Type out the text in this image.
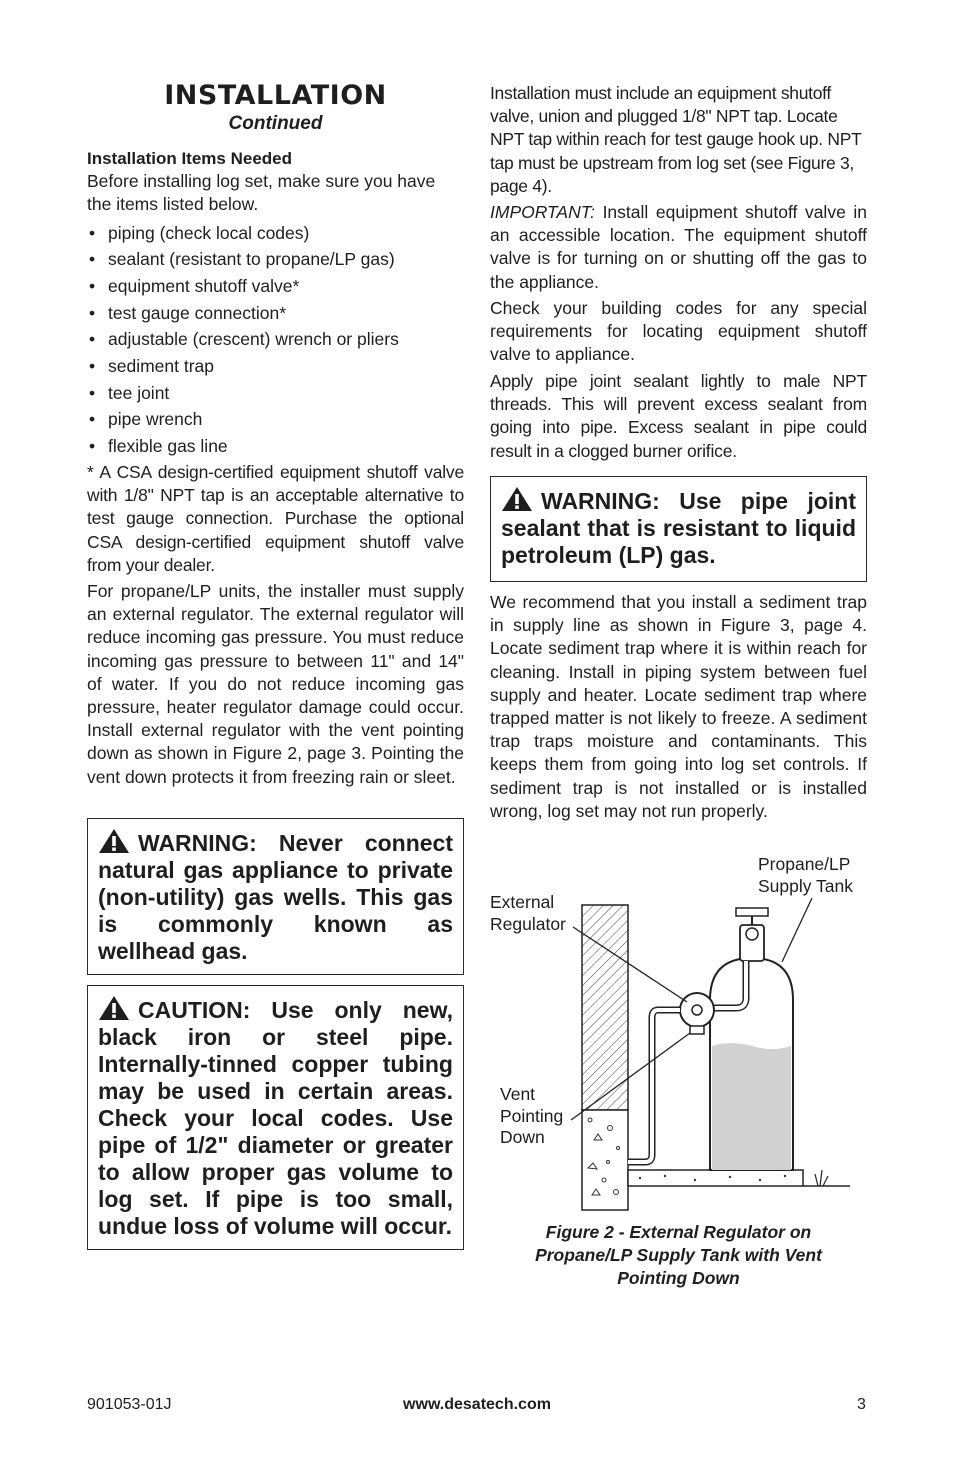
INSTALLATION
Continued

Installation Items Needed

Before installing log set, make sure you have the items listed below.

• piping (check local codes)
• sealant (resistant to propane/LP gas)
• equipment shutoff valve*
• test gauge connection*
• adjustable (crescent) wrench or pliers
• sediment trap
• tee joint
• pipe wrench
• flexible gas line
* A CSA design-certified equipment shutoff valve with 1/8" NPT tap is an acceptable alternative to test gauge connection. Purchase the optional CSA design-certified equipment shutoff valve from your dealer.
For propane/LP units, the installer must supply an external regulator. The external regulator will reduce incoming gas pressure. You must reduce incoming gas pressure to between 11" and 14" of water. If you do not reduce incoming gas pressure, heater regulator damage could occur. Install external regulator with the vent pointing down as shown in Figure 2, page 3. Pointing the vent down protects it from freezing rain or sleet.
WARNING: Never connect natural gas appliance to private (non-utility) gas wells. This gas is commonly known as wellhead gas.
CAUTION: Use only new, black iron or steel pipe. Internally-tinned copper tubing may be used in certain areas. Check your local codes. Use pipe of 1/2" diameter or greater to allow proper gas volume to log set. If pipe is too small, undue loss of volume will occur.
Installation must include an equipment shutoff valve, union and plugged 1/8" NPT tap. Locate NPT tap within reach for test gauge hook up. NPT tap must be upstream from log set (see Figure 3, page 4).
IMPORTANT: Install equipment shutoff valve in an accessible location. The equipment shutoff valve is for turning on or shutting off the gas to the appliance.
Check your building codes for any special requirements for locating equipment shutoff valve to appliance.
Apply pipe joint sealant lightly to male NPT threads. This will prevent excess sealant from going into pipe. Excess sealant in pipe could result in a clogged burner orifice.
WARNING: Use pipe joint sealant that is resistant to liquid petroleum (LP) gas.
We recommend that you install a sediment trap in supply line as shown in Figure 3, page 4. Locate sediment trap where it is within reach for cleaning. Install in piping system between fuel supply and heater. Locate sediment trap where trapped matter is not likely to freeze. A sediment trap traps moisture and contaminants. This keeps them from going into log set controls. If sediment trap is not installed or is installed wrong, log set may not run properly.
Propane/LP
Supply Tank
External
Regulator
Vent
Pointing
Down
Figure 2 - External Regulator on
Propane/LP Supply Tank with Vent
Pointing Down
901053-01J	www.desatech.com	3
